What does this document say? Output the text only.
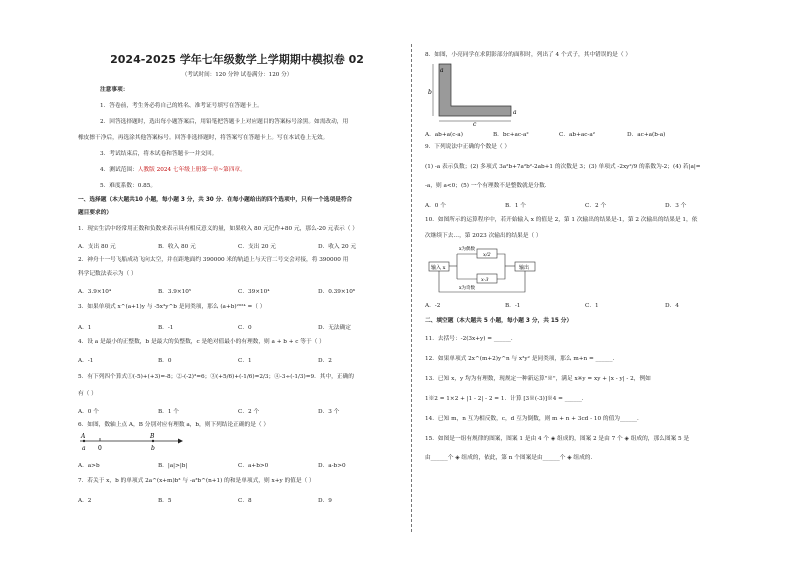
2024-2025 学年七年级数学上学期期中模拟卷 02
（考试时间：120 分钟 试卷满分：120 分）
注意事项：
1．答卷前，考生务必将自己的姓名、准考证号填写在答题卡上。
2．回答选择题时，选出每小题答案后，用铅笔把答题卡上对应题目的答案标号涂黑。如需改动，用
橡皮擦干净后，再选涂其他答案标号。回答非选择题时，将答案写在答题卡上。写在本试卷上无效。
3．考试结束后，将本试卷和答题卡一并交回。
4．测试范围：人教版 2024 七年级上册第一章~第四章。
5．难度系数：0.85。
一、选择题（本大题共10 小题，每小题 3 分，共 30 分．在每小题给出的四个选项中，只有一个选项是符合
题目要求的）
1．现实生活中经常用正数和负数来表示具有相反意义的量，如果收入 80 元记作+80 元，那么-20 元表示（ ）
A．支出 80 元	B．收入 80 元	C．支出 20 元	D．收入 20 元
2．神舟十一号飞船成功飞向太空，并在距地面约 390000 米的轨道上与天宫二号交会对接，将 390000 用
科学记数法表示为（ ）
A．3.9×10⁴	B．3.9×10⁵	C．39×10⁴	D．0.39×10⁶
3．如果单项式 x^(a+1)y 与 -5x³y^b 是同类项，那么 (a+b)²⁰²⁴ =（ ）
A．1	B．-1	C．0	D．无法确定
4．设 a 是最小的正整数，b 是最大的负整数，c 是绝对值最小的有理数，则 a + b + c 等于（ ）
A．-1	B．0	C．1	D．2
5．有下列四个算式①(-5)+(+3)=-8；②-(-2)³=6；③(+5/6)+(-1/6)=2/3；④-3÷(-1/3)=9．其中，正确的
有（ ）
A．0 个	B．1 个	C．2 个	D．3 个
6．如图，数轴上点 A，B 分别对应有理数 a，b，则下列结论正确的是（ ）
A	B
a 0	b
A．a>b	B．|a|>|b|	C．a+b>0	D．a-b>0
7．若关于 x，b 的单项式 2a^(x+m)b³ 与 -a³b^(n+1) 的和是单项式，则 x+y 的值是（ ）
A．2	B．5	C．8	D．9
8．如图，小亮同学在求阴影部分的面积时，列出了 4 个式子，其中错误的是（ ）
a
b
a
c
A．ab+a(c-a)	B．bc+ac-a²	C．ab+ac-a²	D．ac+a(b-a)
9．下列说法中正确的个数是（ ）
(1) -a 表示负数；(2) 多项式 3a²b+7a²b²-2ab+1 的次数是 3；(3) 单项式 -2xy²/9 的系数为-2；(4) 若|a|=
-a，则 a<0；(5) 一个有理数不是整数就是分数．
A．0 个	B．1 个	C．2 个	D．3 个
10．如图所示的运算程序中，若开始输入 x 的值是 2，第 1 次输出的结果是-1，第 2 次输出的结果是 1，依
次继续下去…，第 2023 次输出的结果是（ ）
输入 x
x为偶数
x为奇数
x/2
x-3
输出
A．-2	B．-1	C．1	D．4
二、填空题（本大题共 5 小题，每小题 3 分，共 15 分）
11．去括号：-2(3x+y) = ______．
12．如果单项式 2x^(m+2)y^n 与 x³y² 是同类项，那么 m+n = ______．
13．已知 x，y 均为有理数，现规定一种新运算"※"，满足 x※y = xy + |x - y| - 2，例如
1※2 = 1×2 + |1 - 2| - 2 = 1．计算 [3※(-3)]※4 = ______．
14．已知 m，n 互为相反数，c，d 互为倒数，则 m + n + 3cd - 10 的值为______．
15．如图是一组有规律的图案，图案 1 是由 4 个 ◈ 组成的，图案 2 是由 7 个 ◈ 组成的，那么图案 5 是
由______个 ◈ 组成的，依此，第 n 个图案是由______个 ◈ 组成的．
